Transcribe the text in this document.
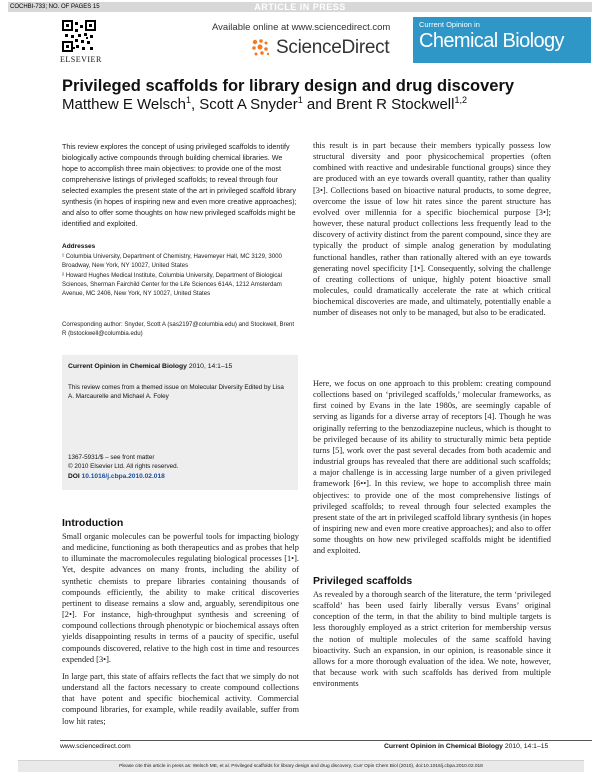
COCHBI-733; NO. OF PAGES 15	ARTICLE IN PRESS
ELSEVIER
Available online at www.sciencedirect.com
ScienceDirect
Current Opinion in
Chemical Biology
Privileged scaffolds for library design and drug discovery
Matthew E Welsch$^1$, Scott A Snyder$^1$ and Brent R Stockwell$^{1,2}$
This review explores the concept of using privileged scaffolds to identify biologically active compounds through building chemical libraries. We hope to accomplish three main objectives: to provide one of the most comprehensive listings of privileged scaffolds; to reveal through four selected examples the present state of the art in privileged scaffold library synthesis (in hopes of inspiring new and even more creative approaches); and also to offer some thoughts on how new privileged scaffolds might be identified and exploited.
Addresses
¹ Columbia University, Department of Chemistry, Havemeyer Hall, MC 3129, 3000 Broadway, New York, NY 10027, United States
² Howard Hughes Medical Institute, Columbia University, Department of Biological Sciences, Sherman Fairchild Center for the Life Sciences 614A, 1212 Amsterdam Avenue, MC 2406, New York, NY 10027, United States
Corresponding author: Snyder, Scott A (sas2197@columbia.edu) and Stockwell, Brent R (bstockwell@columbia.edu)
Current Opinion in Chemical Biology 2010, 14:1–15
This review comes from a themed issue on Molecular Diversity Edited by Lisa A. Marcaurelle and Michael A. Foley
1367-5931/$ – see front matter
© 2010 Elsevier Ltd. All rights reserved.
DOI 10.1016/j.cbpa.2010.02.018
Introduction
Small organic molecules can be powerful tools for impacting biology and medicine, functioning as both therapeutics and as probes that help to illuminate the macromolecules regulating biological processes [1•]. Yet, despite advances on many fronts, including the ability of synthetic chemists to prepare libraries containing thousands of compounds efficiently, the ability to make critical discoveries pertinent to disease remains a slow and, arguably, serendipitous one [2•]. For instance, high-throughput synthesis and screening of compound collections through phenotypic or biochemical assays often yields disappointing results in terms of a paucity of specific, useful compounds discovered, relative to the high cost in time and resources expended [3•].
In large part, this state of affairs reflects the fact that we simply do not understand all the factors necessary to create compound collections that have potent and specific biochemical activity. Commercial compound libraries, for example, while readily available, suffer from low hit rates;
this result is in part because their members typically possess low structural diversity and poor physicochemical properties (often combined with reactive and undesirable functional groups) since they are produced with an eye towards overall quantity, rather than quality [3•]. Collections based on bioactive natural products, to some degree, overcome the issue of low hit rates since the parent structure has evolved over millennia for a specific biochemical purpose [3•]; however, these natural product collections less frequently lead to the discovery of activity distinct from the parent compound, since they are typically the product of simple analog generation by modulating functional handles, rather than rationally altered with an eye towards generating novel specificity [1•]. Consequently, solving the challenge of creating collections of unique, highly potent bioactive small molecules, could dramatically accelerate the rate at which critical biochemical discoveries are made, and ultimately, potentially enable a number of diseases not only to be managed, but also to be eradicated.
Here, we focus on one approach to this problem: creating compound collections based on ‘privileged scaffolds,’ molecular frameworks, as first coined by Evans in the late 1980s, are seemingly capable of serving as ligands for a diverse array of receptors [4]. Though he was originally referring to the benzodiazepine nucleus, which is thought to be privileged because of its ability to structurally mimic beta peptide turns [5], work over the past several decades from both academic and industrial groups has revealed that there are additional such scaffolds; a major challenge is in accessing large number of a given privileged framework [6••]. In this review, we hope to accomplish three main objectives: to provide one of the most comprehensive listings of privileged scaffolds; to reveal through four selected examples the present state of the art in privileged scaffold library synthesis (in hopes of inspiring new and even more creative approaches); and also to offer some thoughts on how new privileged scaffolds might be identified and exploited.
Privileged scaffolds
As revealed by a thorough search of the literature, the term ‘privileged scaffold’ has been used fairly liberally versus Evans’ original conception of the term, in that the ability to bind multiple targets is less thoroughly employed as a strict criterion for membership versus the notion of multiple molecules of the same scaffold having bioactivity. Such an expansion, in our opinion, is reasonable since it allows for a more thorough evaluation of the idea. We note, however, that because work with such scaffolds has derived from multiple environments
www.sciencedirect.com	Current Opinion in Chemical Biology 2010, 14:1–15
Please cite this article in press as: Welsch ME, et al. Privileged scaffolds for library design and drug discovery, Curr Opin Chem Biol (2010), doi:10.1016/j.cbpa.2010.02.018
